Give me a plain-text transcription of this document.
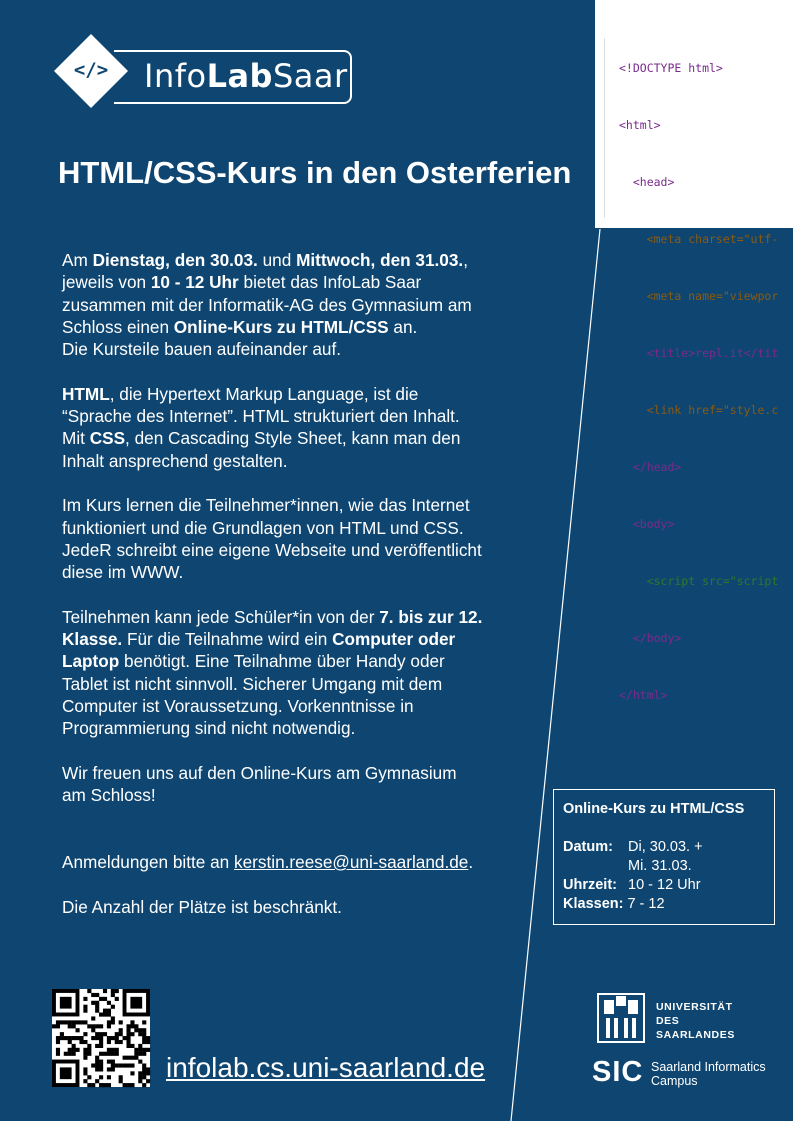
</> InfoLabSaar

	<!DOCTYPE html>

<html>

<head>

<meta charset="utf-

<meta name="viewpor

<title>repl.it</tit

<link href="style.c

</head>

<body>

<script src="script

</body>

</html>

HTML/CSS-Kurs in den Osterferien

Am Dienstag, den 30.03. und Mittwoch, den 31.03.,
jeweils von 10 - 12 Uhr bietet das InfoLab Saar
zusammen mit der Informatik-AG des Gymnasium am
Schloss einen Online-Kurs zu HTML/CSS an.
Die Kursteile bauen aufeinander auf.

HTML, die Hypertext Markup Language, ist die
“Sprache des Internet”. HTML strukturiert den Inhalt.
Mit CSS, den Cascading Style Sheet, kann man den
Inhalt ansprechend gestalten.

Im Kurs lernen die Teilnehmer*innen, wie das Internet
funktioniert und die Grundlagen von HTML und CSS.
JedeR schreibt eine eigene Webseite und veröffentlicht
diese im WWW.

Teilnehmen kann jede Schüler*in von der 7. bis zur 12.
Klasse. Für die Teilnahme wird ein Computer oder
Laptop benötigt. Eine Teilnahme über Handy oder
Tablet ist nicht sinnvoll. Sicherer Umgang mit dem
Computer ist Voraussetzung. Vorkenntnisse in
Programmierung sind nicht notwendig.

Wir freuen uns auf den Online-Kurs am Gymnasium
am Schloss!

Anmeldungen bitte an kerstin.reese@uni-saarland.de.

Die Anzahl der Plätze ist beschränkt.

Online-Kurs zu HTML/CSS
Datum:	Di, 30.03. +
Mi. 31.03.
Uhrzeit: 10 - 12 Uhr
Klassen: 7 - 12
infolab.cs.uni-saarland.de
UNIVERSITÄT
DES
SAARLANDES
SIC Saarland Informatics
Campus
